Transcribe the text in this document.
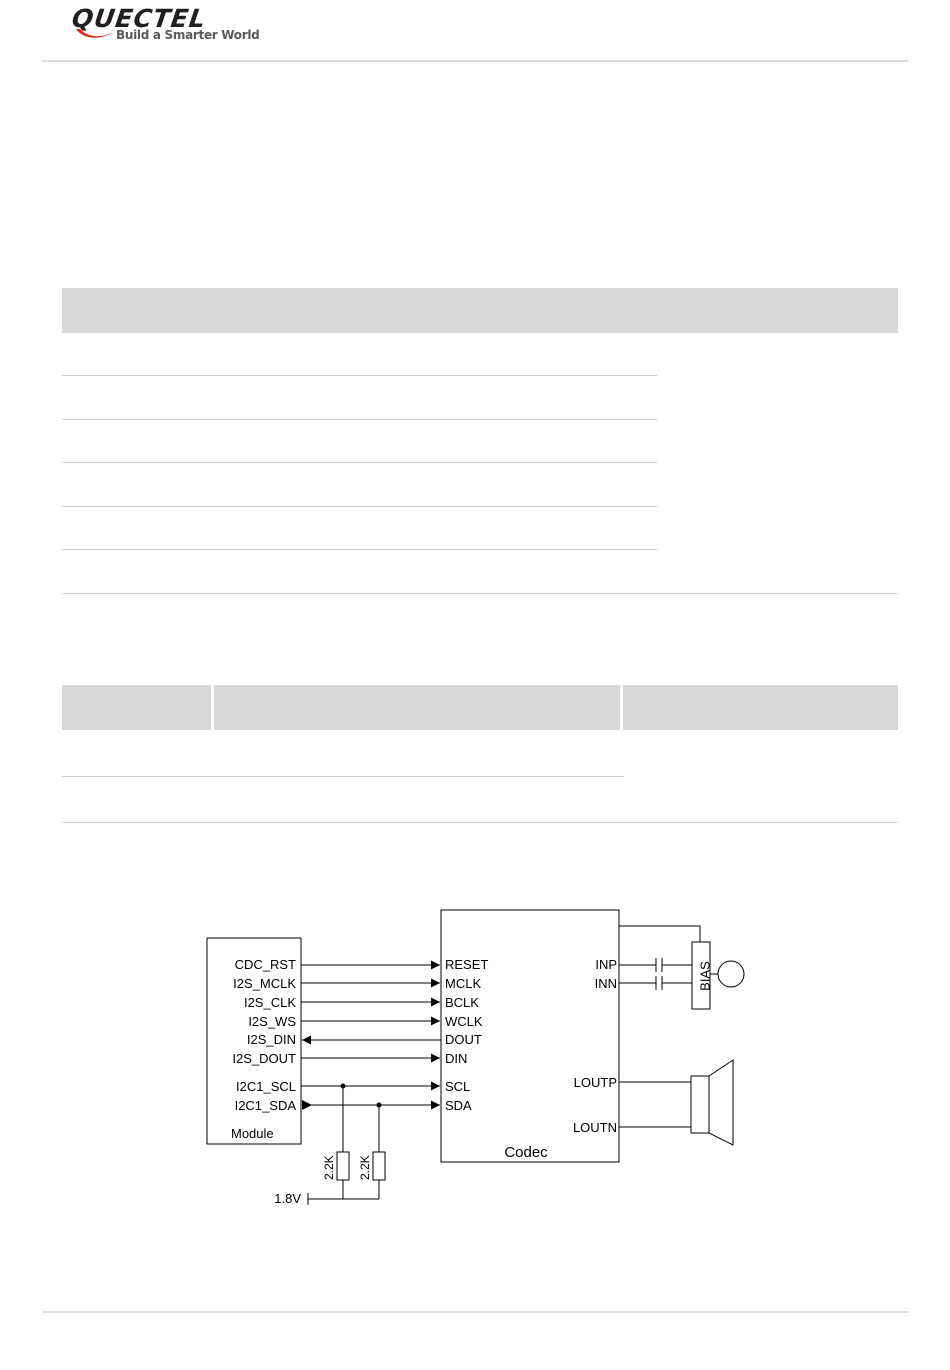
QUECTEL
Build a Smarter World
Module
CDC_RST
I2S_MCLK
I2S_CLK
I2S_WS
I2S_DIN
I2S_DOUT
I2C1_SCL
I2C1_SDA
Codec
RESET
MCLK
BCLK
WCLK
DOUT
DIN
SCL
SDA
INP
INN
LOUTP
LOUTN
2.2K 2.2K
1.8V
BIAS
